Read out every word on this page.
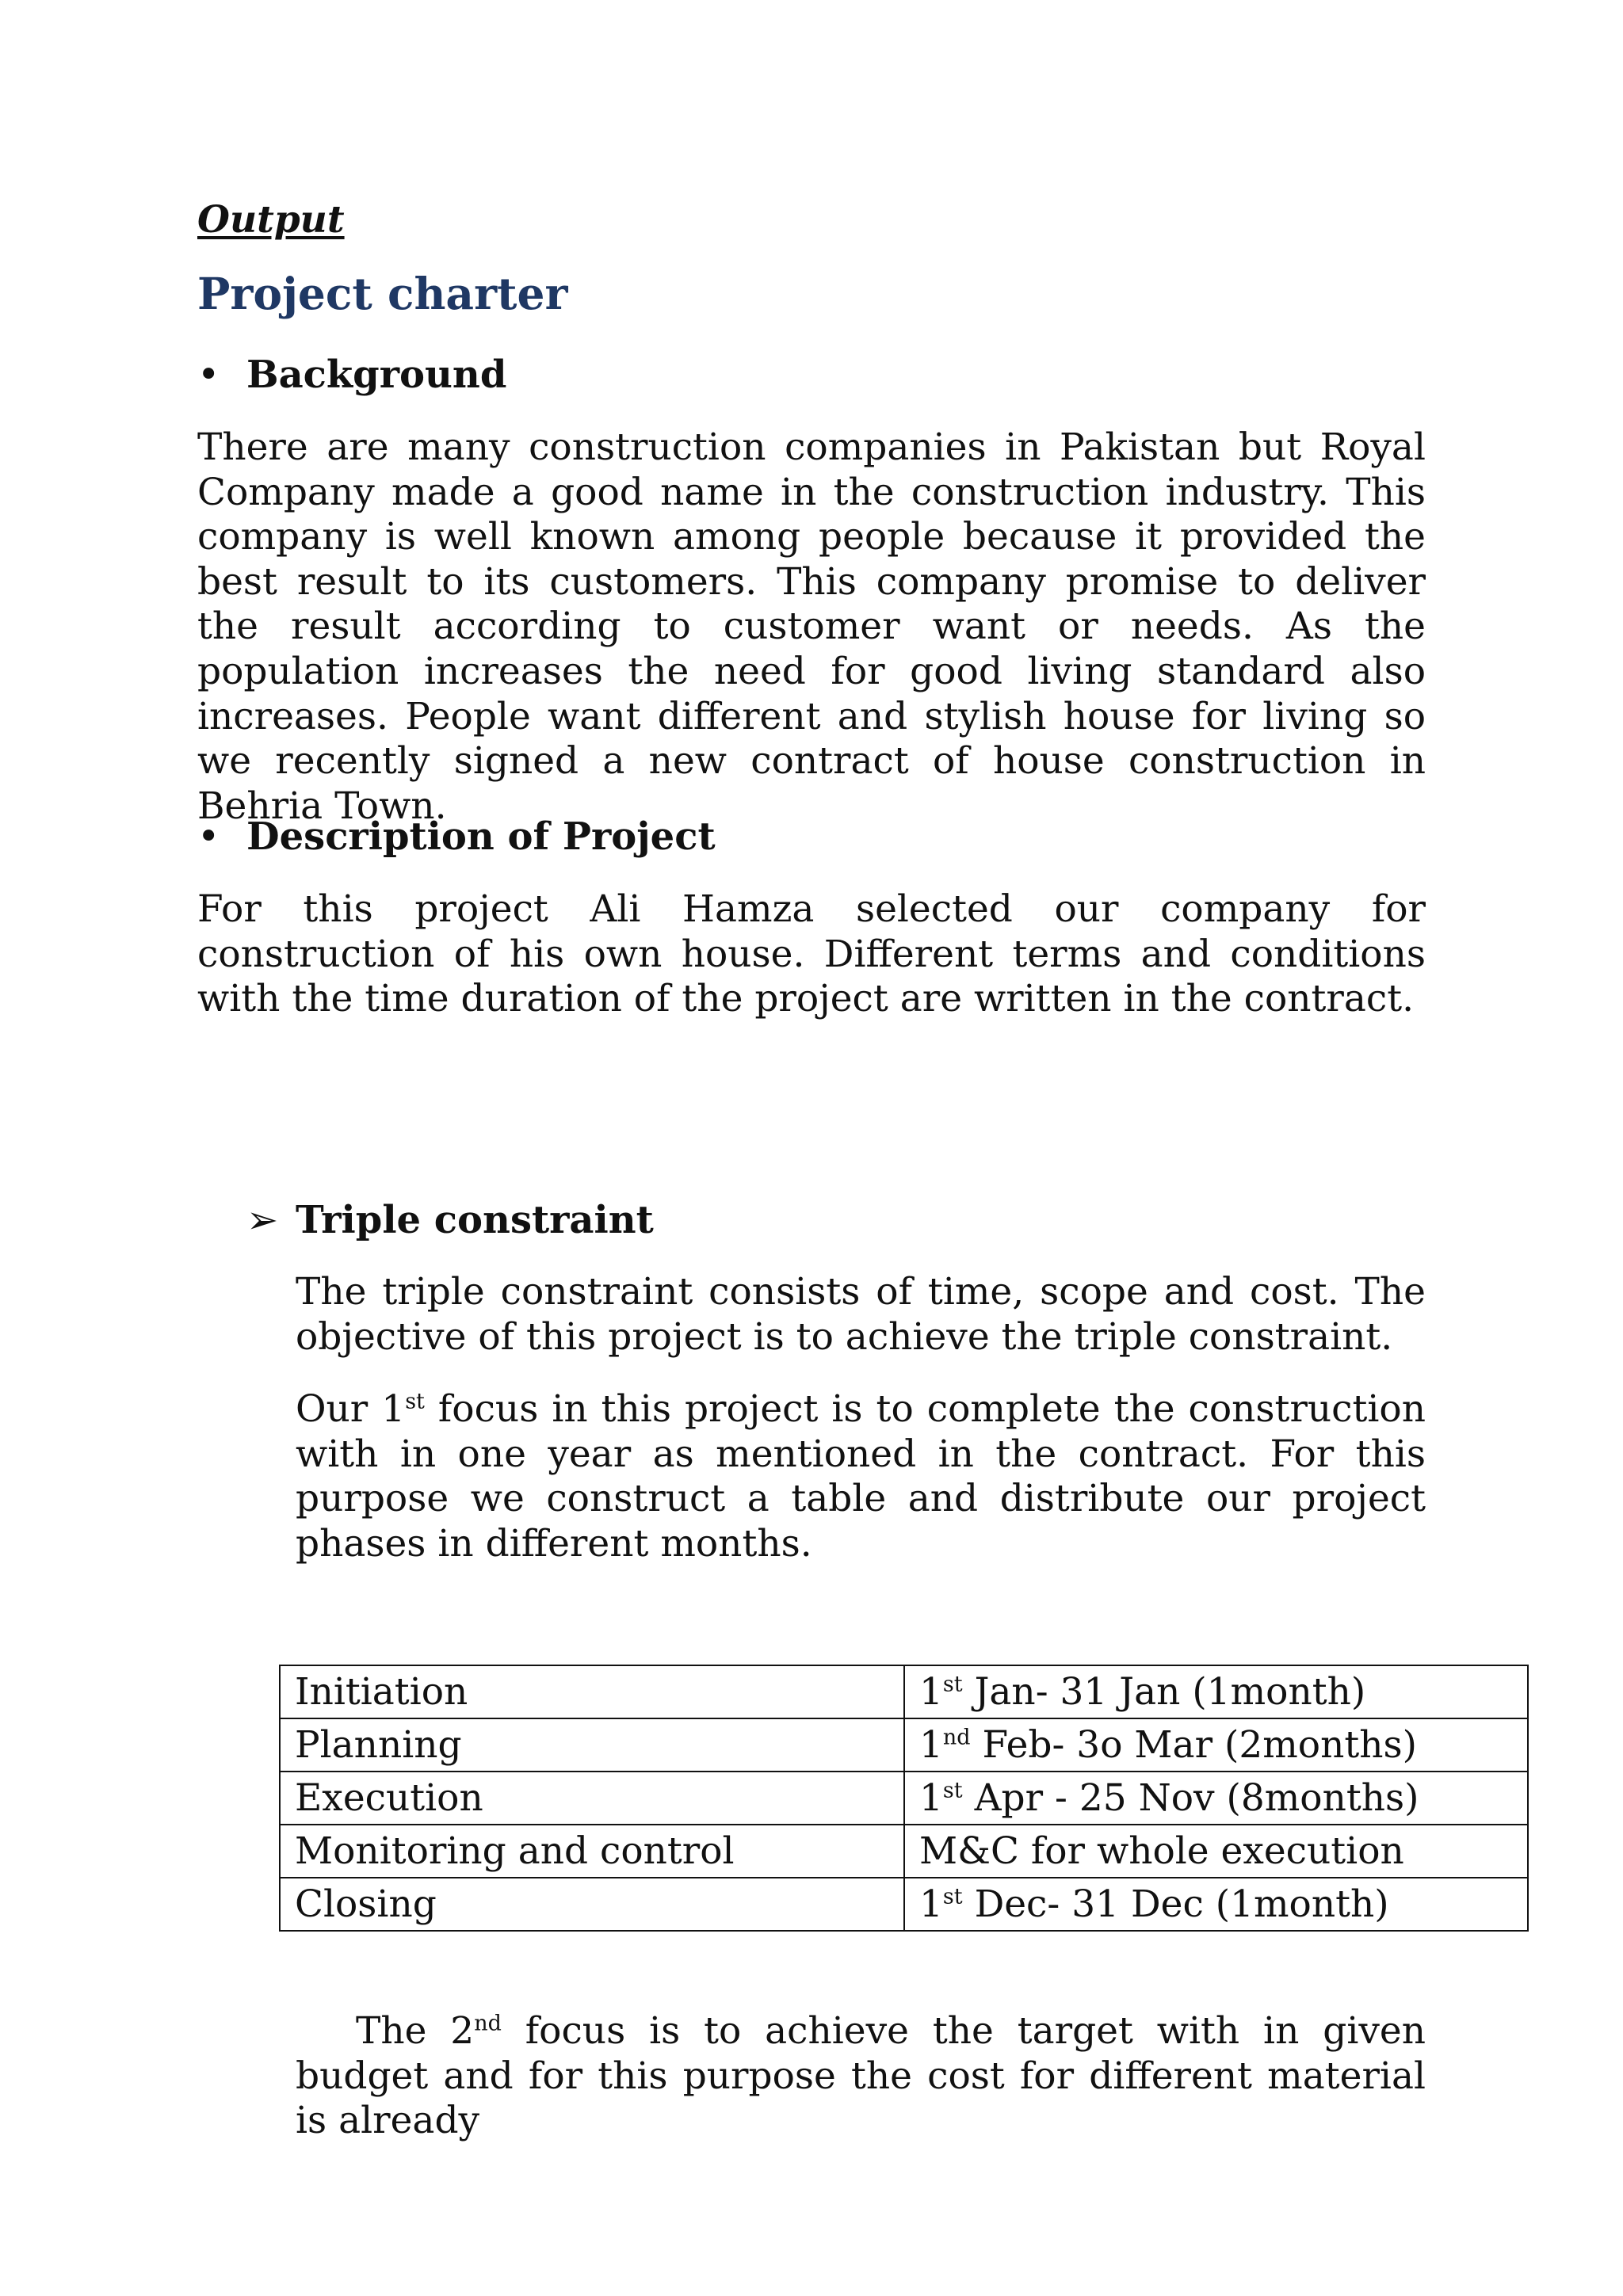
Output
Project charter
• Background
There are many construction companies in Pakistan but Royal Company made a good name in the construction industry. This company is well known among people because it provided the best result to its customers. This company promise to deliver the result according to customer want or needs. As the population increases the need for good living standard also increases. People want different and stylish house for living so we recently signed a new contract of house construction in Behria Town.
• Description of Project
For this project Ali Hamza selected our company for construction of his own house. Different terms and conditions with the time duration of the project are written in the contract.
➢ Triple constraint
The triple constraint consists of time, scope and cost. The objective of this project is to achieve the triple constraint.
Our 1st focus in this project is to complete the construction with in one year as mentioned in the contract. For this purpose we construct a table and distribute our project phases in different months.
Initiation	1st Jan- 31 Jan (1month)
Planning	1nd Feb- 3o Mar (2months)
Execution	1st Apr - 25 Nov (8months)
Monitoring and control	M&C for whole execution
Closing	1st Dec- 31 Dec (1month)
The 2nd focus is to achieve the target with in given budget and for this purpose the cost for different material is already
